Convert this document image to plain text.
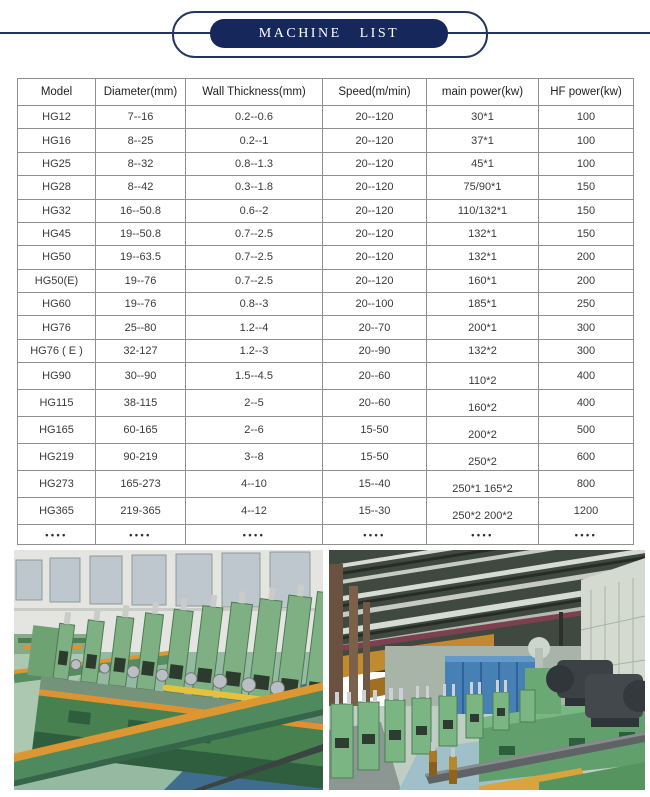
MACHINE LIST
Model	Diameter(mm)	Wall Thickness(mm)	Speed(m/min)	main power(kw)	HF power(kw)
HG12	7--16	0.2--0.6	20--120	30*1	100
HG16	8--25	0.2--1	20--120	37*1	100
HG25	8--32	0.8--1.3	20--120	45*1	100
HG28	8--42	0.3--1.8	20--120	75/90*1	150
HG32	16--50.8	0.6--2	20--120	110/132*1	150
HG45	19--50.8	0.7--2.5	20--120	132*1	150
HG50	19--63.5	0.7--2.5	20--120	132*1	200
HG50(E)	19--76	0.7--2.5	20--120	160*1	200
HG60	19--76	0.8--3	20--100	185*1	250
HG76	25--80	1.2--4	20--70	200*1	300
HG76 ( E )	32-127	1.2--3	20--90	132*2	300
HG90	30--90	1.5--4.5	20--60	110*2	400
HG115	38-115	2--5	20--60	160*2	400
HG165	60-165	2--6	15-50	200*2	500
HG219	90-219	3--8	15-50	250*2	600
HG273	165-273	4--10	15--40	250*1 165*2	800
HG365	219-365	4--12	15--30	250*2 200*2	1200
••••	••••	••••	••••	••••	••••
